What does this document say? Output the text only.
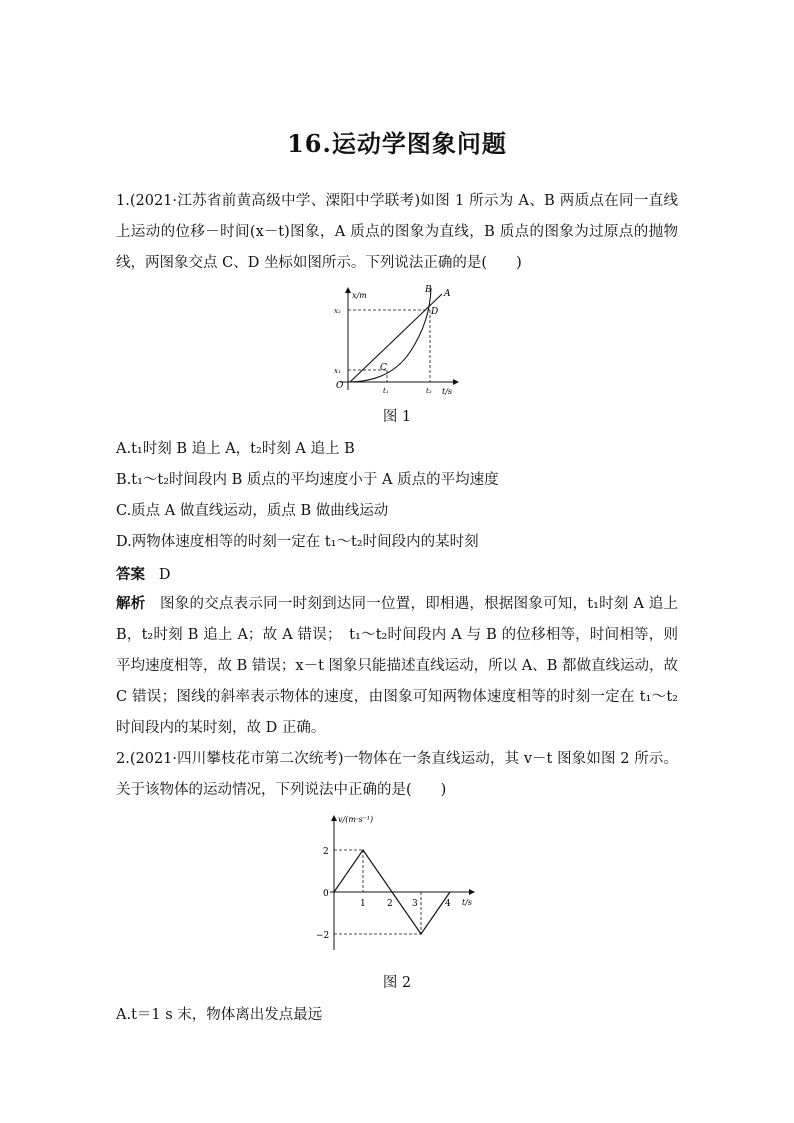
16.运动学图象问题

1.(2021·江苏省前黄高级中学、溧阳中学联考)如图 1 所示为 A、B 两质点在同一直线上运动的位移－时间(x－t)图象，A 质点的图象为直线，B 质点的图象为过原点的抛物线，两图象交点 C、D 坐标如图所示。下列说法正确的是(　　)

x/m
t/s
O
x₂
x₁
t₁	t₂
B A
C
D
图 1
A.t₁时刻 B 追上 A，t₂时刻 A 追上 B
B.t₁～t₂时间段内 B 质点的平均速度小于 A 质点的平均速度
C.质点 A 做直线运动，质点 B 做曲线运动
D.两物体速度相等的时刻一定在 t₁～t₂时间段内的某时刻
答案 D

解析 图象的交点表示同一时刻到达同一位置，即相遇，根据图象可知，t₁时刻 A 追上 B，t₂时刻 B 追上 A；故 A 错误；　t₁～t₂时间段内 A 与 B 的位移相等，时间相等，则平均速度相等，故 B 错误；x－t 图象只能描述直线运动，所以 A、B 都做直线运动，故 C 错误；图线的斜率表示物体的速度，由图象可知两物体速度相等的时刻一定在 t₁～t₂时间段内的某时刻，故 D 正确。

2.(2021·四川攀枝花市第二次统考)一物体在一条直线运动，其 v－t 图象如图 2 所示。关于该物体的运动情况，下列说法中正确的是(　　)

v/(m·s⁻¹)
t/s
0
2
−2
1 2 3	4
图 2
A.t＝1 s 末，物体离出发点最远
